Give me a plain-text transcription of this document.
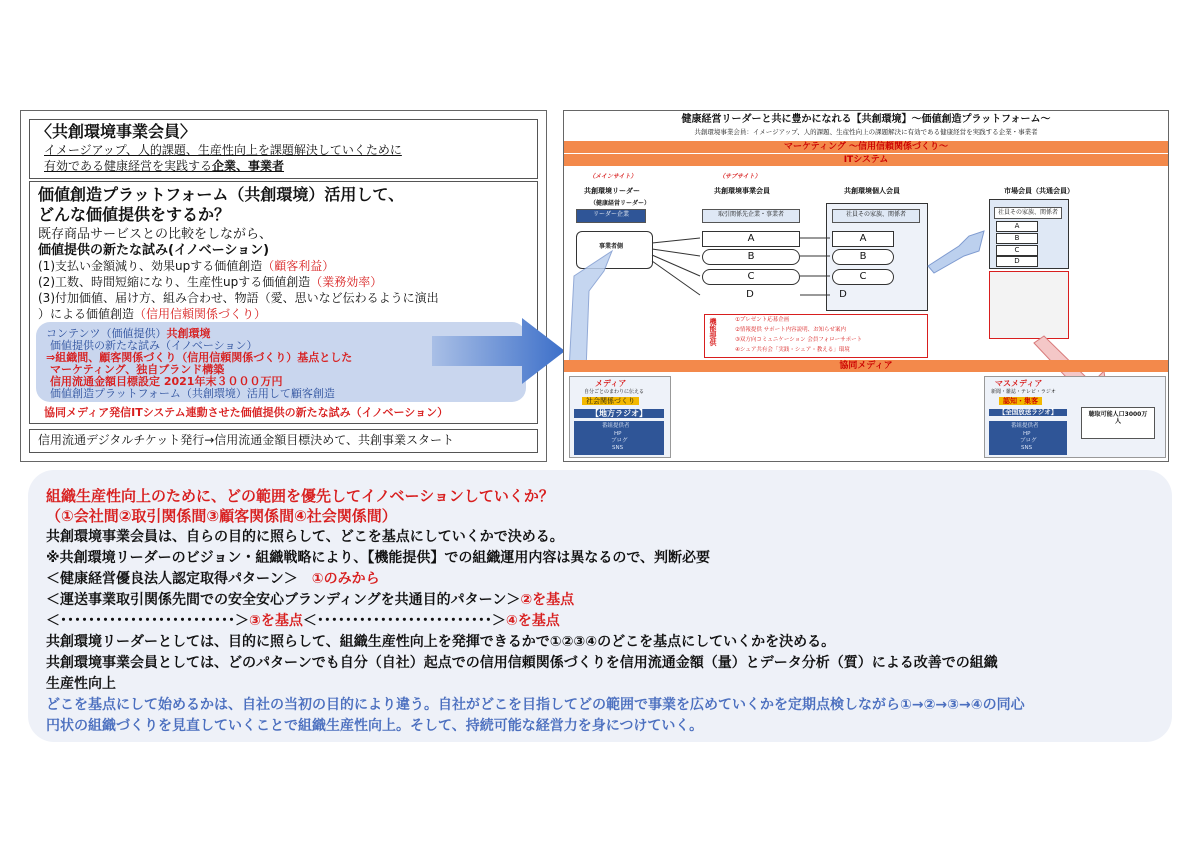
〈共創環境事業会員〉
イメージアップ、人的課題、生産性向上を課題解決していくために
有効である健康経営を実践する企業、事業者
価値創造プラットフォーム（共創環境）活用して、
どんな価値提供をするか？
既存商品サービスとの比較をしながら、
価値提供の新たな試み(イノベーション)
(1)支払い金額減り、効果upする価値創造（顧客利益）
(2)工数、時間短縮になり、生産性upする価値創造（業務効率）
(3)付加価値、届け方、組み合わせ、物語（愛、思いなど伝わるように演出
）による価値創造（信用信頼関係づくり）
コンテンツ（価値提供）共創環境
価値提供の新たな試み（イノベーション）
⇒組織間、顧客関係づくり（信用信頼関係づくり）基点とした
マーケティング、独自ブランド構築
信用流通金額目標設定 2021年末３０００万円
価値創造プラットフォーム（共創環境）活用して顧客創造
協同メディア発信ITシステム連動させた価値提供の新たな試み（イノベーション）
信用流通デジタルチケット発行→信用流通金額目標決めて、共創事業スタート
健康経営リーダーと共に豊かになれる【共創環境】～価値創造プラットフォーム～
共創環境事業会員：イメージアップ、人的課題、生産性向上の課題解決に有効である健康経営を実践する企業・事業者
マーケティング ～信用信頼関係づくり～
ITシステム
（メインサイト）	（サブサイト）
共創環境リーダー
（健康経営リーダー）
リーダー企業
事業者側
共創環境事業会員
取引関係先企業・事業者
共創環境個人会員
社員その家族、関係者
市場会員（共通会員）
社員その家族、関係者
A
B
C
D
A
B
C
D
A
B
C
D
機能提供	①プレゼント応募企画
②情報提供 サポート内容説明、お知らせ案内
③双方向コミュニケーション 会員フォローサポート
④シェア共有会「実践・シェア・教える」環境
協同メディア
メディア
自分ごとのまわりに伝える
社会関係づくり
【地方ラジオ】
番組提供者
HP
ブログ
SNS
マスメディア
新聞・雑誌・テレビ・ラジオ
認知・集客
【全国放送ラジオ】
番組提供者
HP
ブログ
SNS
聴取可能人口3000万人
組織生産性向上のために、どの範囲を優先してイノベーションしていくか？
（①会社間②取引関係間③顧客関係間④社会関係間）
共創環境事業会員は、自らの目的に照らして、どこを基点にしていくかで決める。
※共創環境リーダーのビジョン・組織戦略により、【機能提供】での組織運用内容は異なるので、判断必要
＜健康経営優良法人認定取得パターン＞　 ①のみから
＜運送事業取引関係先間での安全安心ブランディングを共通目的パターン＞②を基点
＜･････････････････････････＞③を基点＜･････････････････････････＞④を基点
共創環境リーダーとしては、目的に照らして、組織生産性向上を発揮できるかで①②③④のどこを基点にしていくかを決める。
共創環境事業会員としては、どのパターンでも自分（自社）起点での信用信頼関係づくりを信用流通金額（量）とデータ分析（質）による改善での組織
生産性向上
どこを基点にして始めるかは、自社の当初の目的により違う。自社がどこを目指してどの範囲で事業を広めていくかを定期点検しながら①→②→③→④の同心
円状の組織づくりを見直していくことで組織生産性向上。そして、持続可能な経営力を身につけていく。
